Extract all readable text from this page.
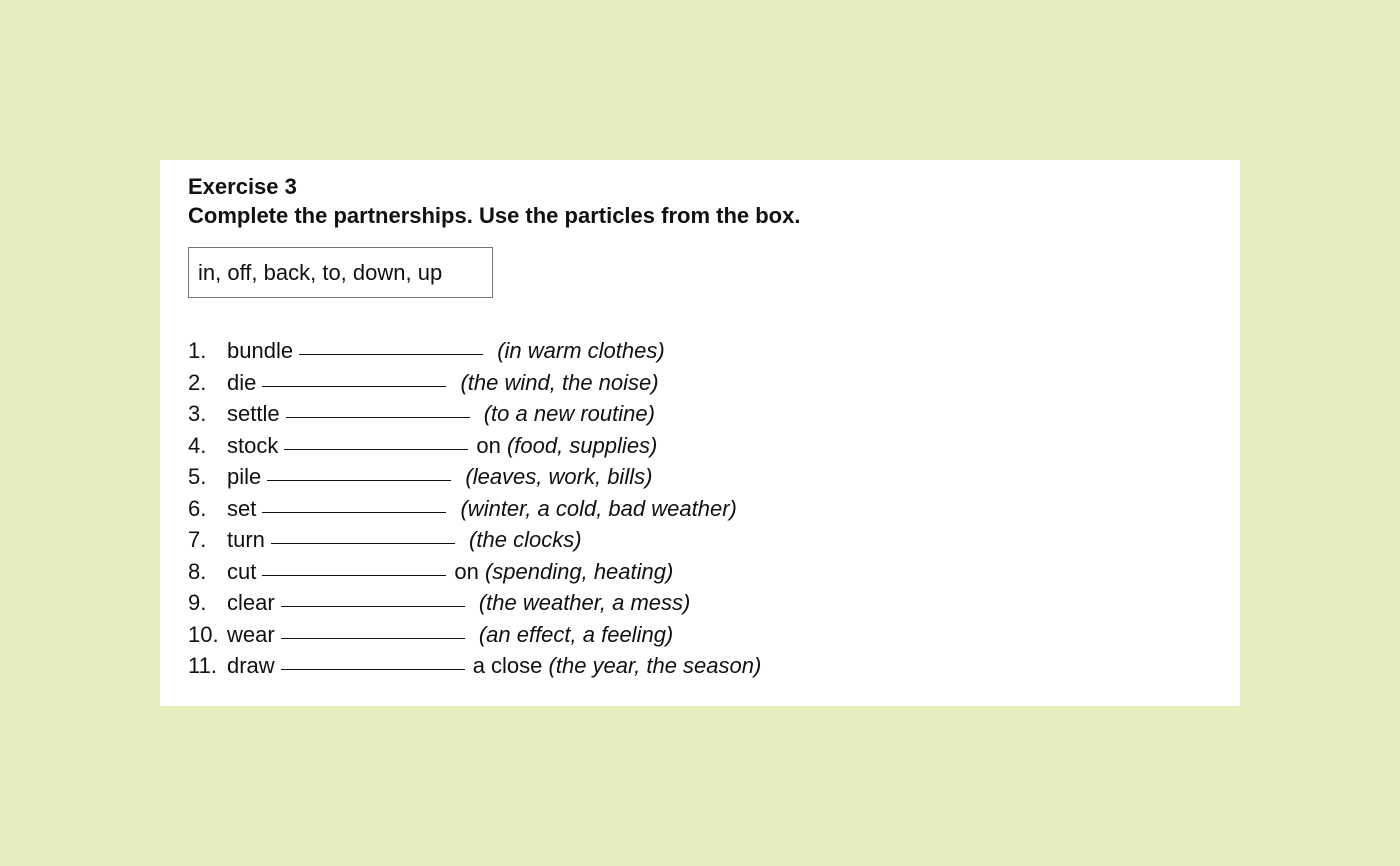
Exercise 3
Complete the partnerships. Use the particles from the box.
in, off, back, to, down, up
1. bundle	(in warm clothes)
2. die	(the wind, the noise)
3. settle	(to a new routine)
4. stock	on (food, supplies)
5. pile	(leaves, work, bills)
6. set	(winter, a cold, bad weather)
7. turn	(the clocks)
8. cut	on (spending, heating)
9. clear	(the weather, a mess)
10. wear	(an effect, a feeling)
11. draw	a close (the year, the season)
